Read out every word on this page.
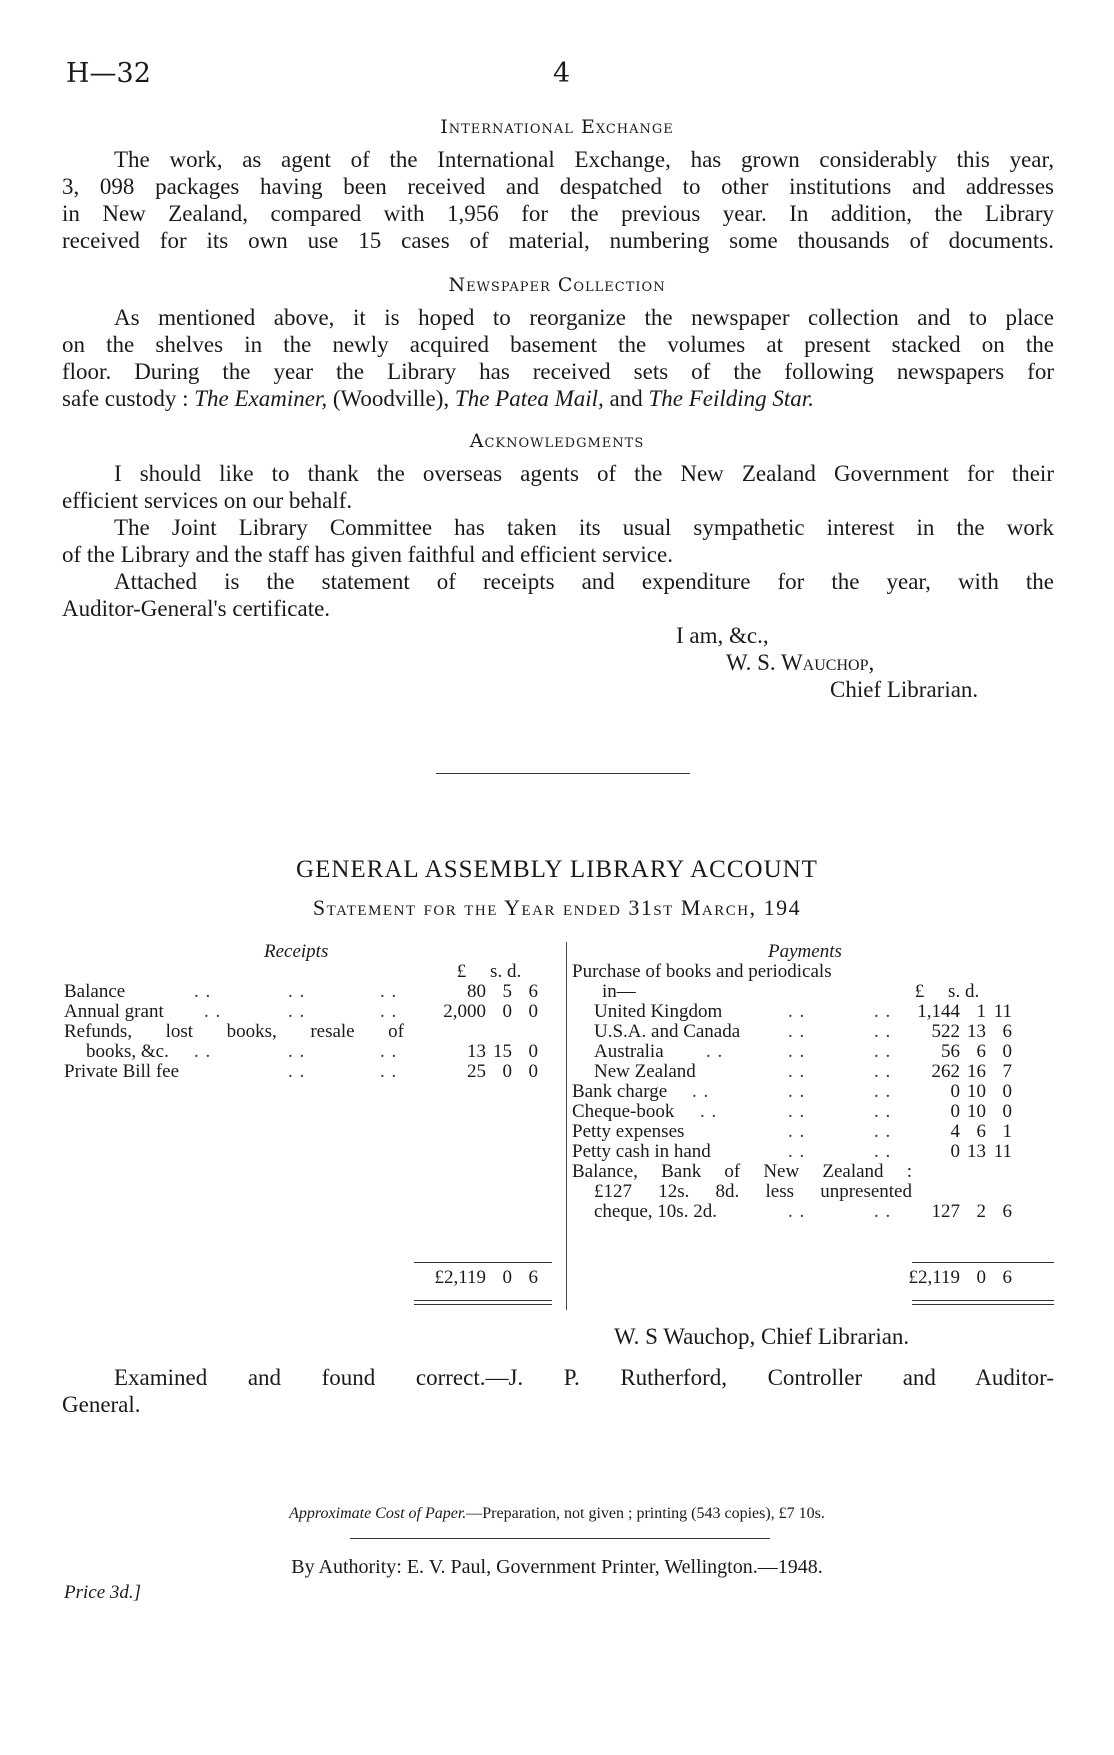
H—32	4
International Exchange
The work, as agent of the International Exchange, has grown considerably this year,
3, 098 packages having been received and despatched to other institutions and addresses
in New Zealand, compared with 1,956 for the previous year. In addition, the Library
received for its own use 15 cases of material, numbering some thousands of documents.
Newspaper Collection
As mentioned above, it is hoped to reorganize the newspaper collection and to place
on the shelves in the newly acquired basement the volumes at present stacked on the
floor. During the year the Library has received sets of the following newspapers for
safe custody : The Examiner, (Woodville), The Patea Mail, and The Feilding Star.
Acknowledgments
I should like to thank the overseas agents of the New Zealand Government for their
efficient services on our behalf.
The Joint Library Committee has taken its usual sympathetic interest in the work
of the Library and the staff has given faithful and efficient service.
Attached is the statement of receipts and expenditure for the year, with the
Auditor-General's certificate.
I am, &c.,
W. S. Wauchop,
Chief Librarian.
GENERAL ASSEMBLY LIBRARY ACCOUNT
Statement for the Year ended 31st March, 194
Receipts
£ s. d.
Balance	. .	. .	. .	80 5 6
Annual grant . .	. .	. .	2,000 0 0
Refunds, lost books, resale of
books, &c. . .	. .	. .	13 15 0
Private Bill fee	. .	. .	25 0 0
£2,119 0 6
Payments
Purchase of books and periodicals
in—	£ s. d.
United Kingdom	. .	. .	1,144 1 11
U.S.A. and Canada	. .	. .	522 13 6
Australia . .	. .	. .	56 6 0
New Zealand	. .	. .	262 16 7
Bank charge . .	. .	. .	0 10 0
Cheque-book . .	. .	. .	0 10 0
Petty expenses	. .	. .	4 6 1
Petty cash in hand	. .	. .	0 13 11
Balance, Bank of New Zealand :
£127 12s. 8d. less unpresented
cheque, 10s. 2d.	. .	. .	127 2 6
£2,119 0 6
W. S Wauchop, Chief Librarian.
Examined and found correct.—J. P. Rutherford, Controller and Auditor-
General.
Approximate Cost of Paper.—Preparation, not given ; printing (543 copies), £7 10s.
By Authority: E. V. Paul, Government Printer, Wellington.—1948.
Price 3d.]
